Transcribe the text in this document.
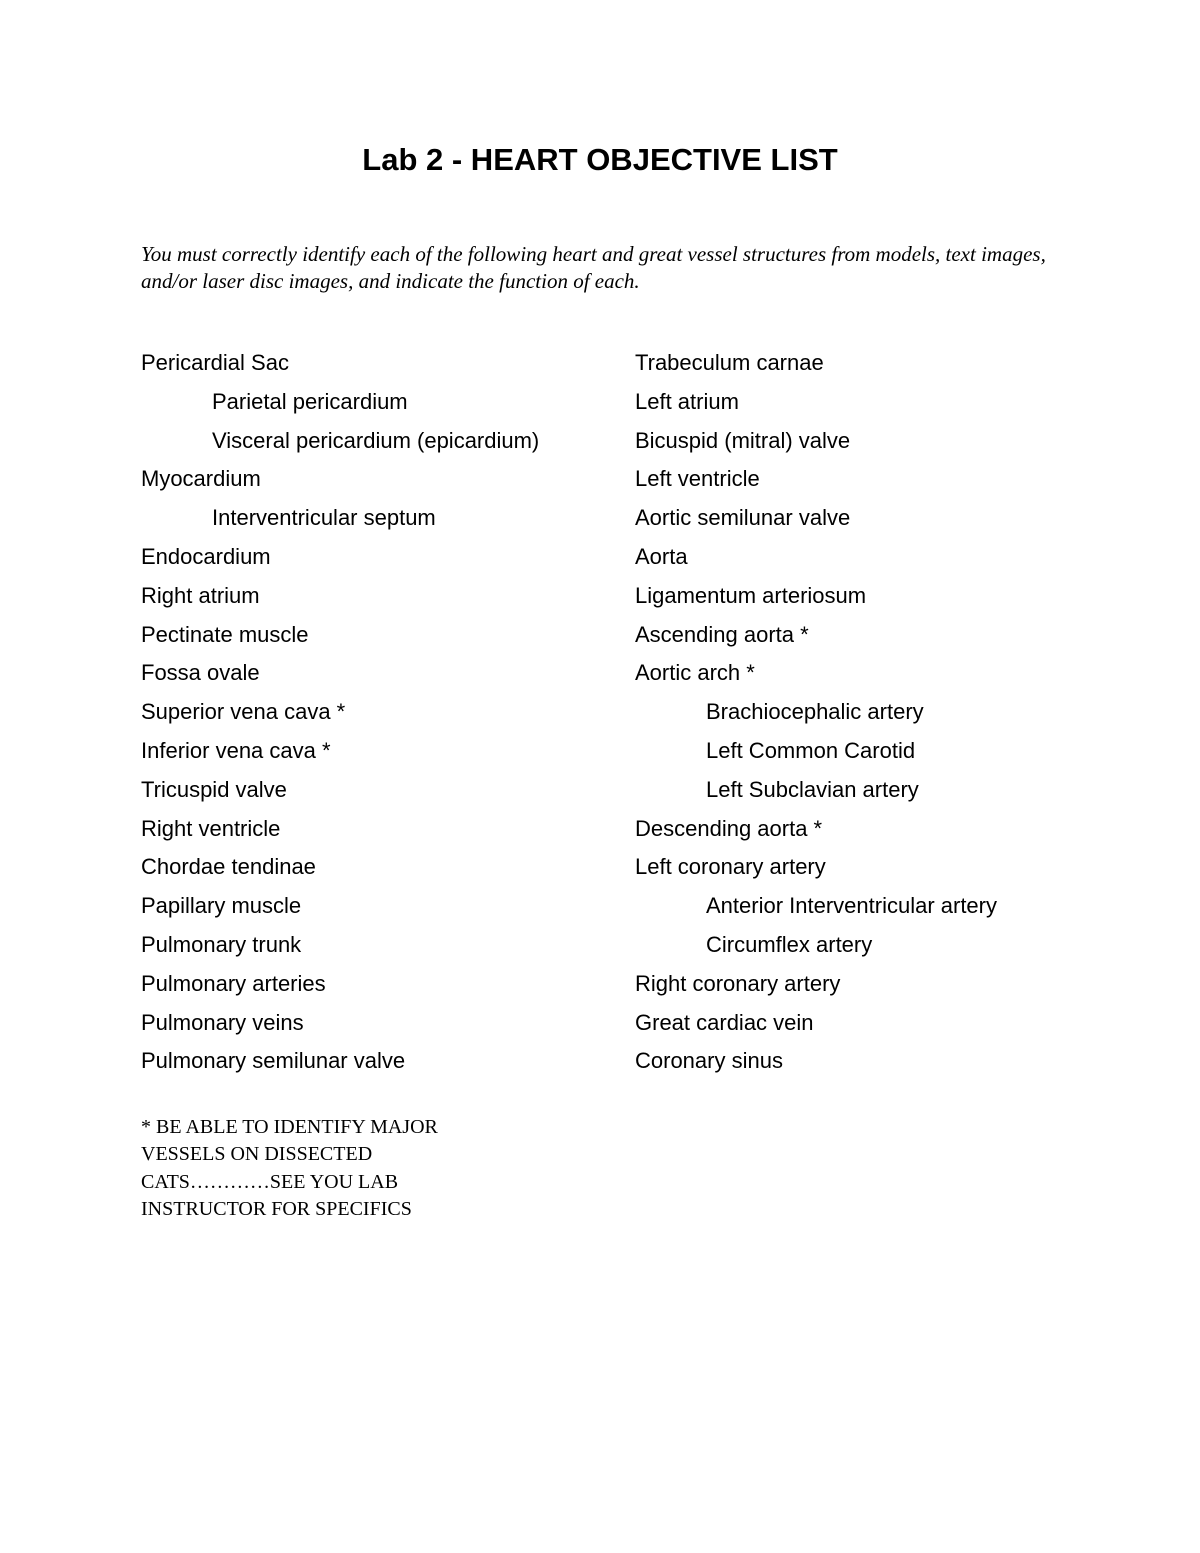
Lab 2 - HEART OBJECTIVE LIST

You must correctly identify each of the following heart and great vessel structures from models, text images, and/or laser disc images, and indicate the function of each.

Pericardial Sac
Parietal pericardium
Visceral pericardium (epicardium)
Myocardium
Interventricular septum
Endocardium
Right atrium
Pectinate muscle
Fossa ovale
Superior vena cava *
Inferior vena cava *
Tricuspid valve
Right ventricle
Chordae tendinae
Papillary muscle
Pulmonary trunk
Pulmonary arteries
Pulmonary veins
Pulmonary semilunar valve
Trabeculum carnae
Left atrium
Bicuspid (mitral) valve
Left ventricle
Aortic semilunar valve
Aorta
Ligamentum arteriosum
Ascending aorta *
Aortic arch *
Brachiocephalic artery
Left Common Carotid
Left Subclavian artery
Descending aorta *
Left coronary artery
Anterior Interventricular artery
Circumflex artery
Right coronary artery
Great cardiac vein
Coronary sinus
* BE ABLE TO IDENTIFY MAJOR
VESSELS ON DISSECTED
CATS…………SEE YOU LAB
INSTRUCTOR FOR SPECIFICS
